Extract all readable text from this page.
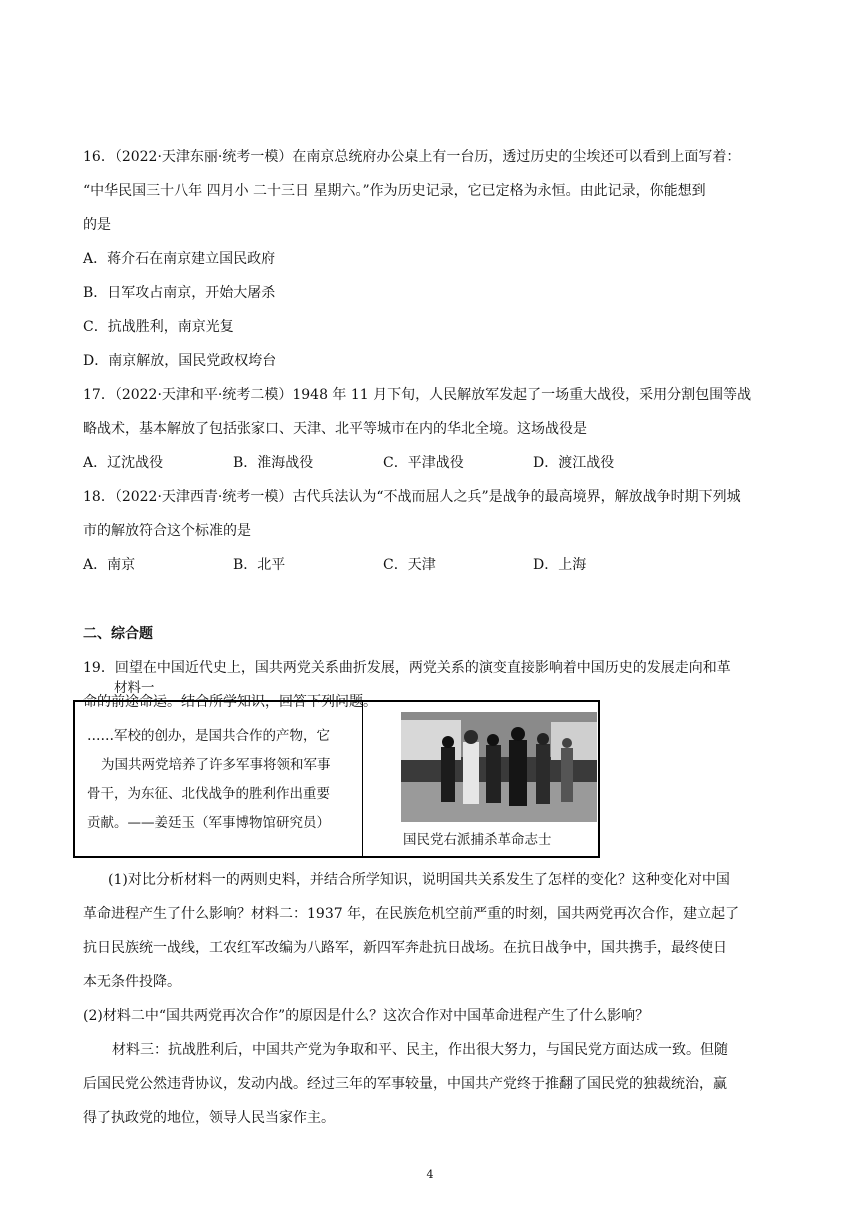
16．（2022·天津东丽·统考一模）在南京总统府办公桌上有一台历，透过历史的尘埃还可以看到上面写着：
“中华民国三十八年 四月小 二十三日 星期六。”作为历史记录，它已定格为永恒。由此记录，你能想到
的是
A．蒋介石在南京建立国民政府
B．日军攻占南京，开始大屠杀
C．抗战胜利，南京光复
D．南京解放，国民党政权垮台
17．（2022·天津和平·统考二模）1948 年 11 月下旬，人民解放军发起了一场重大战役，采用分割包围等战
略战术，基本解放了包括张家口、天津、北平等城市在内的华北全境。这场战役是
A．辽沈战役	B．淮海战役	C．平津战役	D．渡江战役
18．（2022·天津西青·统考一模）古代兵法认为“不战而屈人之兵”是战争的最高境界，解放战争时期下列城
市的解放符合这个标准的是
A．南京	B．北平	C．天津	D．上海
二、综合题
19．回望在中国近代史上，国共两党关系曲折发展，两党关系的演变直接影响着中国历史的发展走向和革
命的前途命运。结合所学知识，回答下列问题。

……军校的创办，是国共合作的产物，它

为国共两党培养了许多军事将领和军事

骨干，为东征、北伐战争的胜利作出重要

贡献。——姜廷玉（军事博物馆研究员）

国民党右派捕杀革命志士
(1)对比分析材料一的两则史料，并结合所学知识，说明国共关系发生了怎样的变化？这种变化对中国
革命进程产生了什么影响？材料二：1937 年，在民族危机空前严重的时刻，国共两党再次合作，建立起了
抗日民族统一战线，工农红军改编为八路军，新四军奔赴抗日战场。在抗日战争中，国共携手，最终使日
本无条件投降。
(2)材料二中“国共两党再次合作”的原因是什么？这次合作对中国革命进程产生了什么影响？
材料三：抗战胜利后，中国共产党为争取和平、民主，作出很大努力，与国民党方面达成一致。但随
后国民党公然违背协议，发动内战。经过三年的军事较量，中国共产党终于推翻了国民党的独裁统治，赢
得了执政党的地位，领导人民当家作主。
4
材料一
